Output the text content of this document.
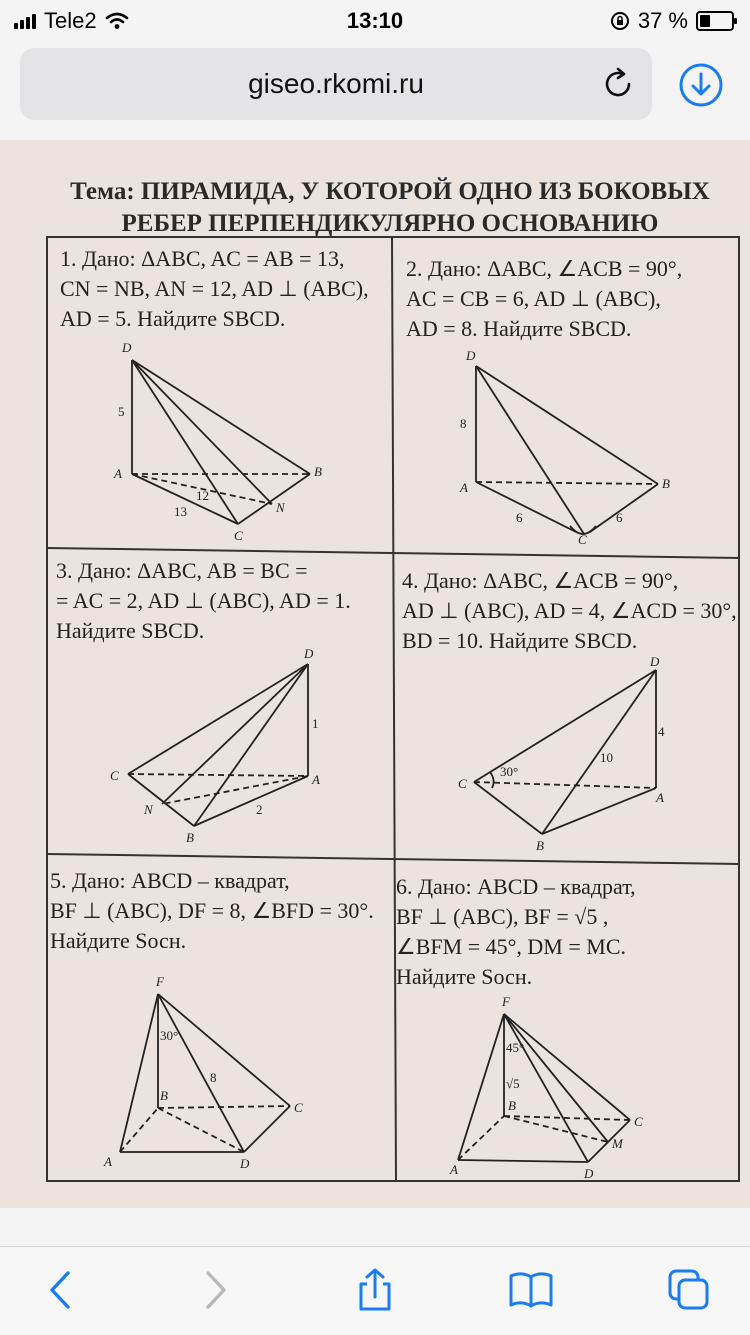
Tele2	13:10	37 %
giseo.rkomi.ru
Тема: ПИРАМИДА, У КОТОРОЙ ОДНО ИЗ БОКОВЫХ
РЕБЕР ПЕРПЕНДИКУЛЯРНО ОСНОВАНИЮ
1. Дано: ΔABC, AC = AB = 13,
CN = NB, AN = 12, AD ⊥ (ABC),
AD = 5. Найдите SBCD.
2. Дано: ΔABC, ∠ACB = 90°,
AC = CB = 6, AD ⊥ (ABC),
AD = 8. Найдите SBCD.
3. Дано: ΔABC, AB = BC =
= AC = 2, AD ⊥ (ABC), AD = 1.
Найдите SBCD.
4. Дано: ΔABC, ∠ACB = 90°,
AD ⊥ (ABC), AD = 4, ∠ACD = 30°,
BD = 10. Найдите SBCD.
5. Дано: ABCD – квадрат,
BF ⊥ (ABC), DF = 8, ∠BFD = 30°.
Найдите Sосн.
6. Дано: ABCD – квадрат,
BF ⊥ (ABC), BF = √5 ,
∠BFM = 45°, DM = MC.
Найдите Sосн.
D
5
A	B
12
N
13
C
D
8
A	B
6	6
C
D
1
C	A
N	2
B
D
4
10
30°
C
A
B
F
30°
8
B
C
A	D
F
45°
√5
B
C
M
A	D
